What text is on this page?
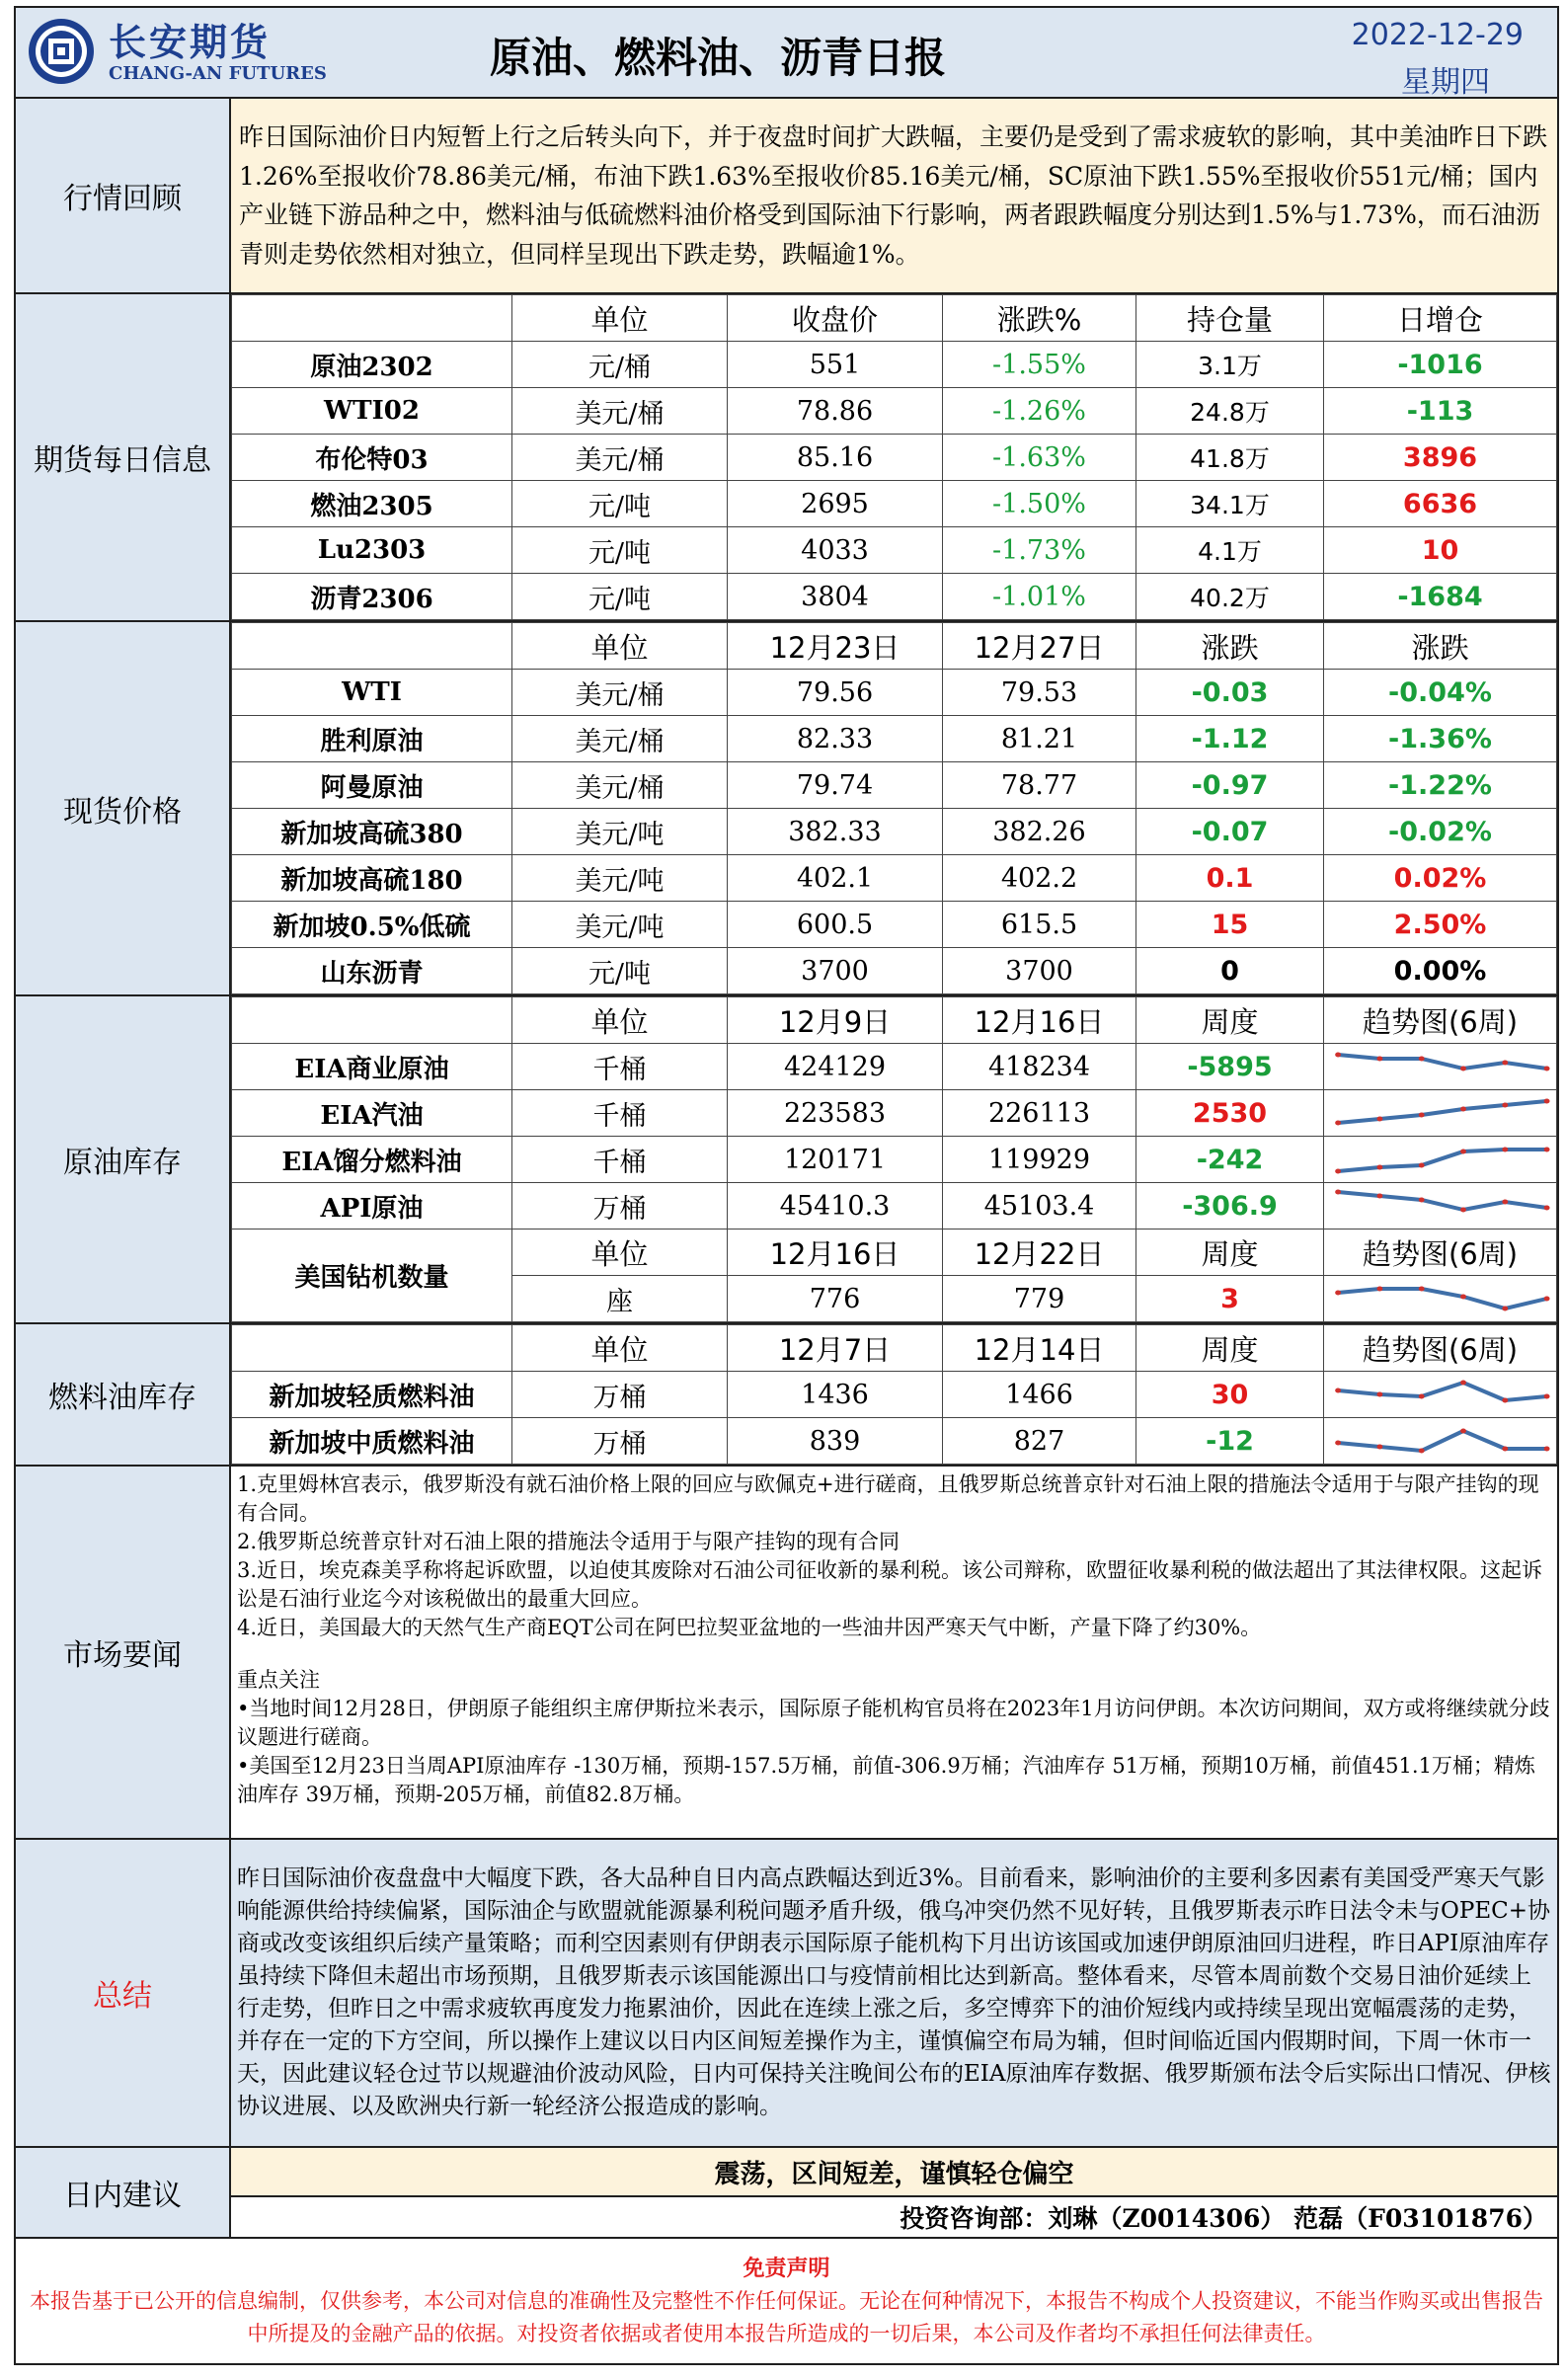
长安期货
CHANG-AN FUTURES	原油、燃料油、沥青日报	2022-12-29
星期四

行情回顾	昨日国际油价日内短暂上行之后转头向下，并于夜盘时间扩大跌幅，主要仍是受到了需求疲软的影响，其中美油昨日下跌1.26%至报收价78.86美元/桶，布油下跌1.63%至报收价85.16美元/桶，SC原油下跌1.55%至报收价551元/桶；国内产业链下游品种之中，燃料油与低硫燃料油价格受到国际油下行影响，两者跟跌幅度分别达到1.5%与1.73%，而石油沥青则走势依然相对独立，但同样呈现出下跌走势，跌幅逾1%。
期货每日信息	
	单位	收盘价	涨跌%	持仓量	日增仓
原油2302	元/桶	551	-1.55%	3.1万	-1016
WTI02	美元/桶	78.86	-1.26%	24.8万	-113
布伦特03	美元/桶	85.16	-1.63%	41.8万	3896
燃油2305	元/吨	2695	-1.50%	34.1万	6636
Lu2303	元/吨	4033	-1.73%	4.1万	10
沥青2306	元/吨	3804	-1.01%	40.2万	-1684

现货价格	
	单位	12月23日	12月27日	涨跌	涨跌
WTI	美元/桶	79.56	79.53	-0.03	-0.04%
胜利原油	美元/桶	82.33	81.21	-1.12	-1.36%
阿曼原油	美元/桶	79.74	78.77	-0.97	-1.22%
新加坡高硫380	美元/吨	382.33	382.26	-0.07	-0.02%
新加坡高硫180	美元/吨	402.1	402.2	0.1	0.02%
新加坡0.5%低硫	美元/吨	600.5	615.5	15	2.50%
山东沥青	元/吨	3700	3700	0	0.00%

原油库存	
	单位	12月9日	12月16日	周度	趋势图(6周)
EIA商业原油	千桶	424129	418234	-5895	

EIA汽油	千桶	223583	226113	2530	

EIA馏分燃料油	千桶	120171	119929	-242	

API原油	万桶	45410.3	45103.4	-306.9	

美国钻机数量	单位	12月16日	12月22日	周度	趋势图(6周)
座	776	779	3	

燃料油库存	
	单位	12月7日	12月14日	周度	趋势图(6周)
新加坡轻质燃料油	万桶	1436	1466	30	

新加坡中质燃料油	万桶	839	827	-12	

市场要闻	
1.克里姆林宫表示，俄罗斯没有就石油价格上限的回应与欧佩克+进行磋商，且俄罗斯总统普京针对石油上限的措施法令适用于与限产挂钩的现有合同。
2.俄罗斯总统普京针对石油上限的措施法令适用于与限产挂钩的现有合同
3.近日，埃克森美孚称将起诉欧盟，以迫使其废除对石油公司征收新的暴利税。该公司辩称，欧盟征收暴利税的做法超出了其法律权限。这起诉讼是石油行业迄今对该税做出的最重大回应。
4.近日，美国最大的天然气生产商EQT公司在阿巴拉契亚盆地的一些油井因严寒天气中断，产量下降了约30%。
重点关注
•当地时间12月28日，伊朗原子能组织主席伊斯拉米表示，国际原子能机构官员将在2023年1月访问伊朗。本次访问期间，双方或将继续就分歧议题进行磋商。
•美国至12月23日当周API原油库存 -130万桶，预期-157.5万桶，前值-306.9万桶；汽油库存 51万桶，预期10万桶，前值451.1万桶；精炼油库存 39万桶，预期-205万桶，前值82.8万桶。

总结	昨日国际油价夜盘盘中大幅度下跌，各大品种自日内高点跌幅达到近3%。目前看来，影响油价的主要利多因素有美国受严寒天气影响能源供给持续偏紧，国际油企与欧盟就能源暴利税问题矛盾升级，俄乌冲突仍然不见好转，且俄罗斯表示昨日法令未与OPEC+协商或改变该组织后续产量策略；而利空因素则有伊朗表示国际原子能机构下月出访该国或加速伊朗原油回归进程，昨日API原油库存虽持续下降但未超出市场预期，且俄罗斯表示该国能源出口与疫情前相比达到新高。整体看来，尽管本周前数个交易日油价延续上行走势，但昨日之中需求疲软再度发力拖累油价，因此在连续上涨之后，多空博弈下的油价短线内或持续呈现出宽幅震荡的走势，并存在一定的下方空间，所以操作上建议以日内区间短差操作为主，谨慎偏空布局为辅，但时间临近国内假期时间，下周一休市一天，因此建议轻仓过节以规避油价波动风险，日内可保持关注晚间公布的EIA原油库存数据、俄罗斯颁布法令后实际出口情况、伊核协议进展、以及欧洲央行新一轮经济公报造成的影响。
日内建议	震荡，区间短差，谨慎轻仓偏空
投资咨询部：刘琳（Z0014306） 范磊（F03101876）

免责声明
本报告基于已公开的信息编制，仅供参考，本公司对信息的准确性及完整性不作任何保证。无论在何种情况下，本报告不构成个人投资建议，不能当作购买或出售报告中所提及的金融产品的依据。对投资者依据或者使用本报告所造成的一切后果，本公司及作者均不承担任何法律责任。
